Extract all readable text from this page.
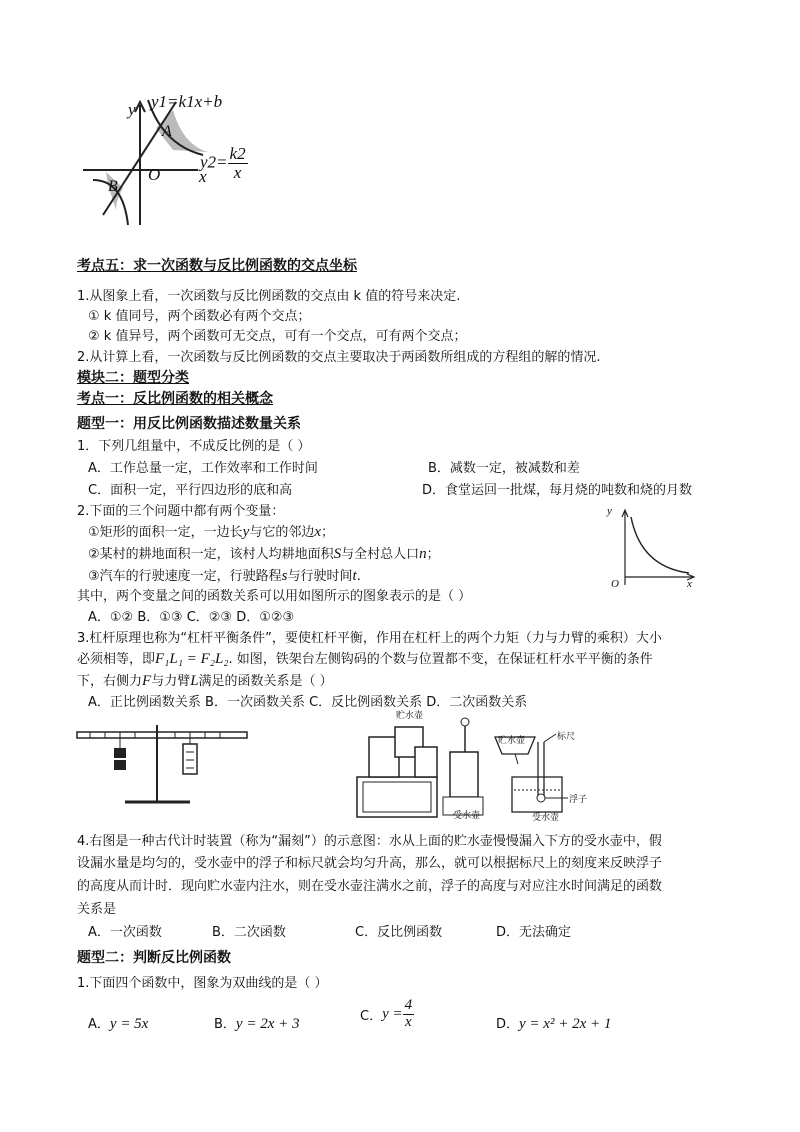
y y1=k1x+b
A
$y2= \frac{k2}{x}$
O x
B
考点五：求一次函数与反比例函数的交点坐标
1.从图象上看，一次函数与反比例函数的交点由 k 值的符号来决定.
① k 值同号，两个函数必有两个交点；
② k 值异号，两个函数可无交点，可有一个交点，可有两个交点；
2.从计算上看，一次函数与反比例函数的交点主要取决于两函数所组成的方程组的解的情况.
模块二：题型分类
考点一：反比例函数的相关概念
题型一：用反比例函数描述数量关系
1．下列几组量中，不成反比例的是（ ）
A．工作总量一定，工作效率和工作时间	B．减数一定，被减数和差
C．面积一定，平行四边形的底和高	D．食堂运回一批煤，每月烧的吨数和烧的月数
2.下面的三个问题中都有两个变量：
①矩形的面积一定，一边长y与它的邻边x；
②某村的耕地面积一定，该村人均耕地面积S与全村总人口n；
③汽车的行驶速度一定，行驶路程s与行驶时间t.
其中，两个变量之间的函数关系可以用如图所示的图象表示的是（ ）
A．①② B．①③ C．②③ D．①②③
y
x
O
3.杠杆原理也称为“杠杆平衡条件”，要使杠杆平衡，作用在杠杆上的两个力矩（力与力臂的乘积）大小
必须相等，即F₁L₁ = F₂L₂. 如图，铁架台左侧钩码的个数与位置都不变，在保证杠杆水平平衡的条件
下，右侧力F与力臂L满足的函数关系是（ ）
A．正比例函数关系 B．一次函数关系 C．反比例函数关系 D．二次函数关系
贮水壶
受水壶
贮水壶	标尺
浮子
受水壶
4.右图是一种古代计时装置（称为“漏刻”）的示意图：水从上面的贮水壶慢慢漏入下方的受水壶中，假
设漏水量是均匀的，受水壶中的浮子和标尺就会均匀升高，那么，就可以根据标尺上的刻度来反映浮子
的高度从而计时．现向贮水壶内注水，则在受水壶注满水之前，浮子的高度与对应注水时间满足的函数
关系是
A．一次函数	B．二次函数	C．反比例函数	D．无法确定
题型二：判断反比例函数
1.下面四个函数中，图象为双曲线的是（ ）
A．y = 5x	B．y = 2x + 3	C．$y = \frac{4}{x}$	D．y = x² + 2x + 1
